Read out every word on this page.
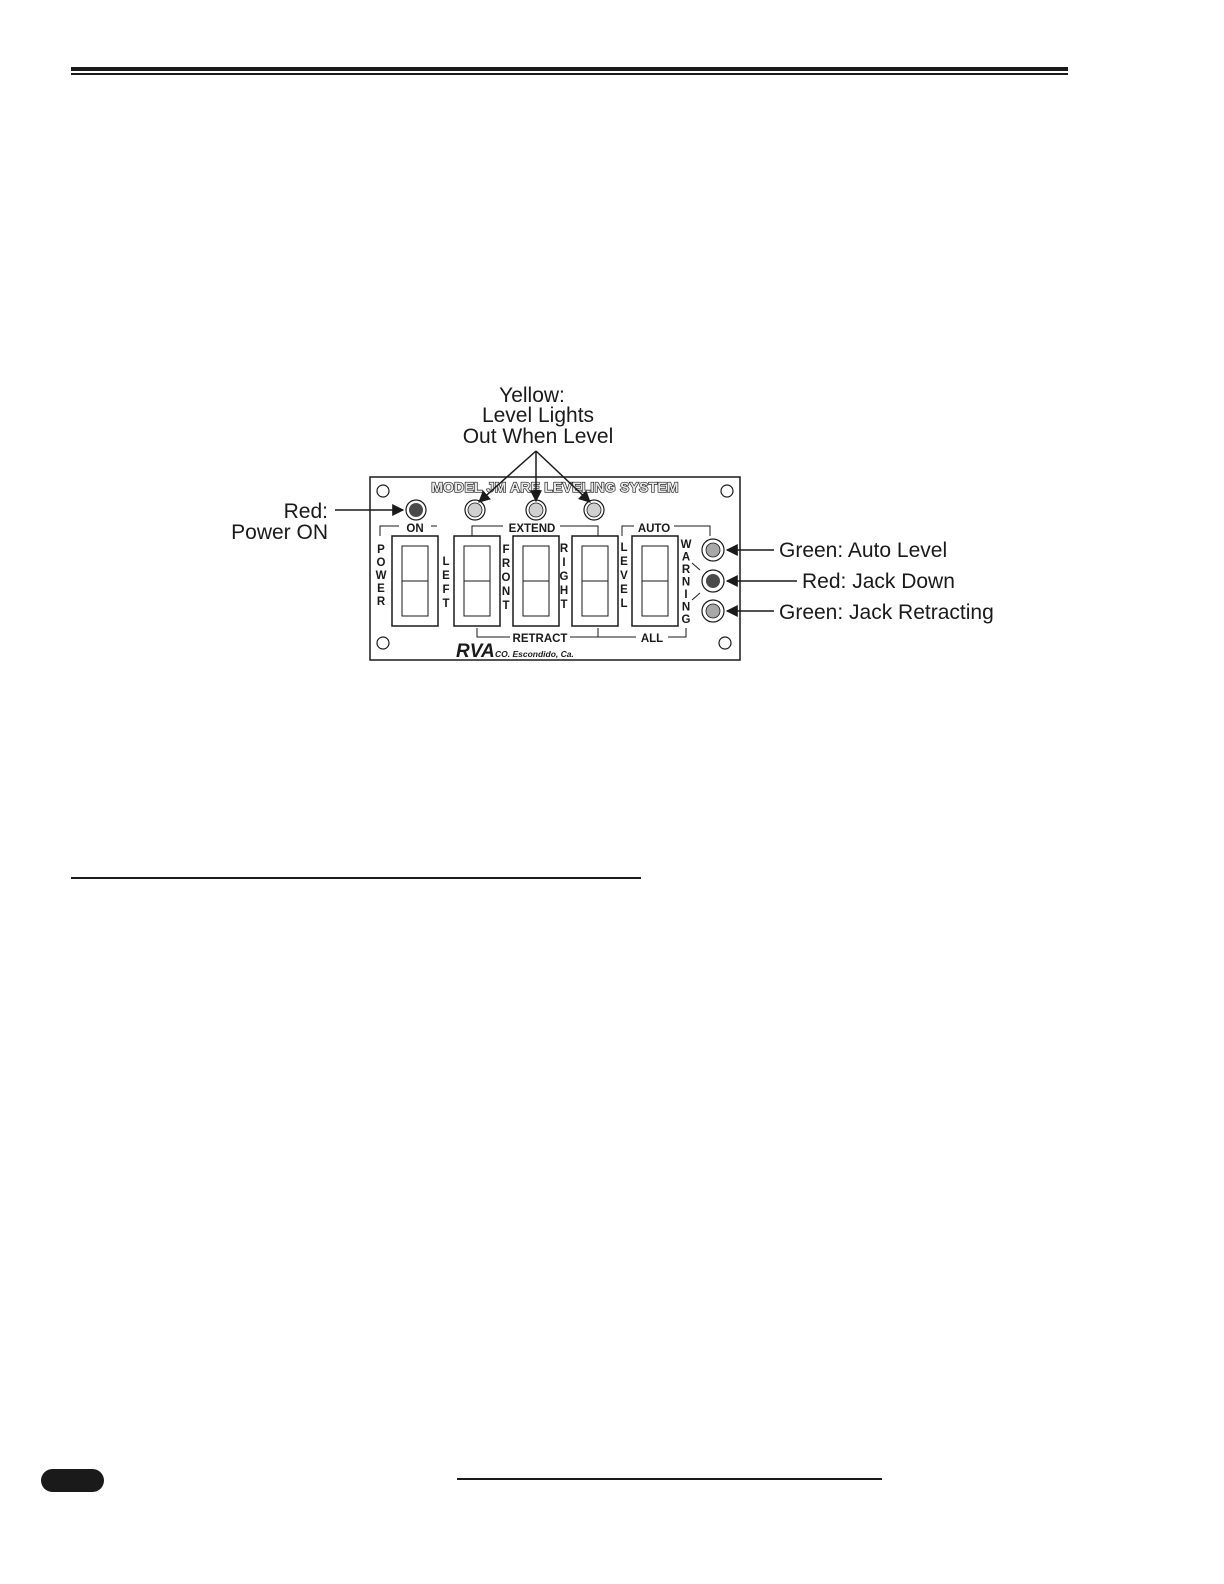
MODEL JM ARE LEVELING SYSTEM
ON	EXTEND	AUTO
P
O
W
E
R
L
E
F
T
F
R
O
N
T
R
I
G
H
T
L
E
V
E
L
W
A
R
N
I
N
G
RETRACT	ALL
RVA CO. Escondido, Ca.
Yellow:
Level Lights
Out When Level
Red:
Power ON
Green: Auto Level
Red: Jack Down
Green: Jack Retracting
